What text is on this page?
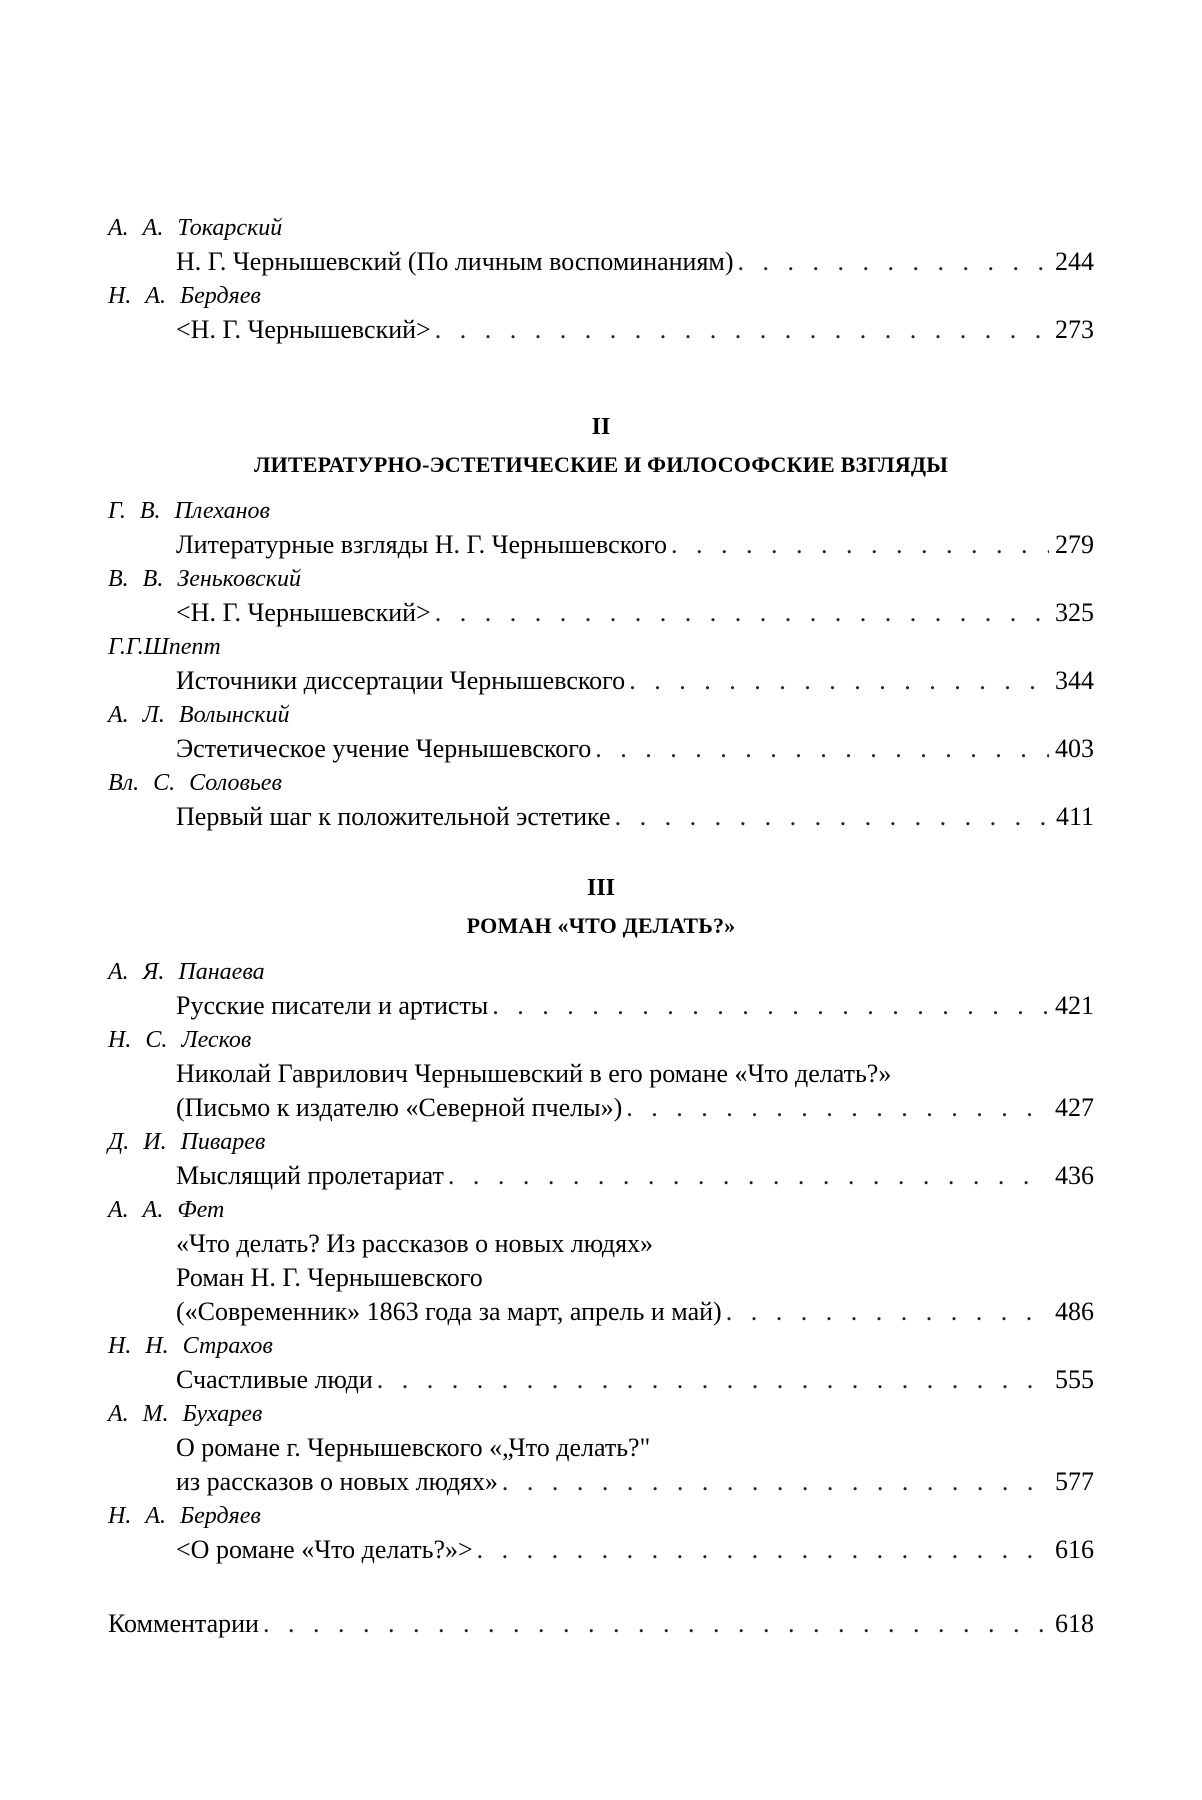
А. А. Токарский
Н. Г. Чернышевский (По личным воспоминаниям) . . .	244
Н. А. Бердяев
<Н. Г. Чернышевский> . . .	273
II
ЛИТЕРАТУРНО-ЭСТЕТИЧЕСКИЕ И ФИЛОСОФСКИЕ ВЗГЛЯДЫ
Г. В. Плеханов
Литературные взгляды Н. Г. Чернышевского . . .	279
В. В. Зеньковский
<Н. Г. Чернышевский> . . .	325
Г.Г.Шпепт
Источники диссертации Чернышевского . . .	344
А. Л. Волынский
Эстетическое учение Чернышевского . . .	403
Вл. С. Соловьев
Первый шаг к положительной эстетике . . .	411
III
РОМАН «ЧТО ДЕЛАТЬ?»
А. Я. Панаева
Русские писатели и артисты . . .	421
Н. С. Лесков
Николай Гаврилович Чернышевский в его романе «Что делать?»
(Письмо к издателю «Северной пчелы») . . .	427
Д. И. Пиварев
Мыслящий пролетариат . . .	436
А. А. Фет
«Что делать? Из рассказов о новых людях»
Роман Н. Г. Чернышевского
(«Современник» 1863 года за март, апрель и май) . . .	486
Н. Н. Страхов
Счастливые люди . . .	555
А. М. Бухарев
О романе г. Чернышевского «„Что делать?"
из рассказов о новых людях» . . .	577
Н. А. Бердяев
<О романе «Что делать?»> . . .	616
Комментарии . . .	618
